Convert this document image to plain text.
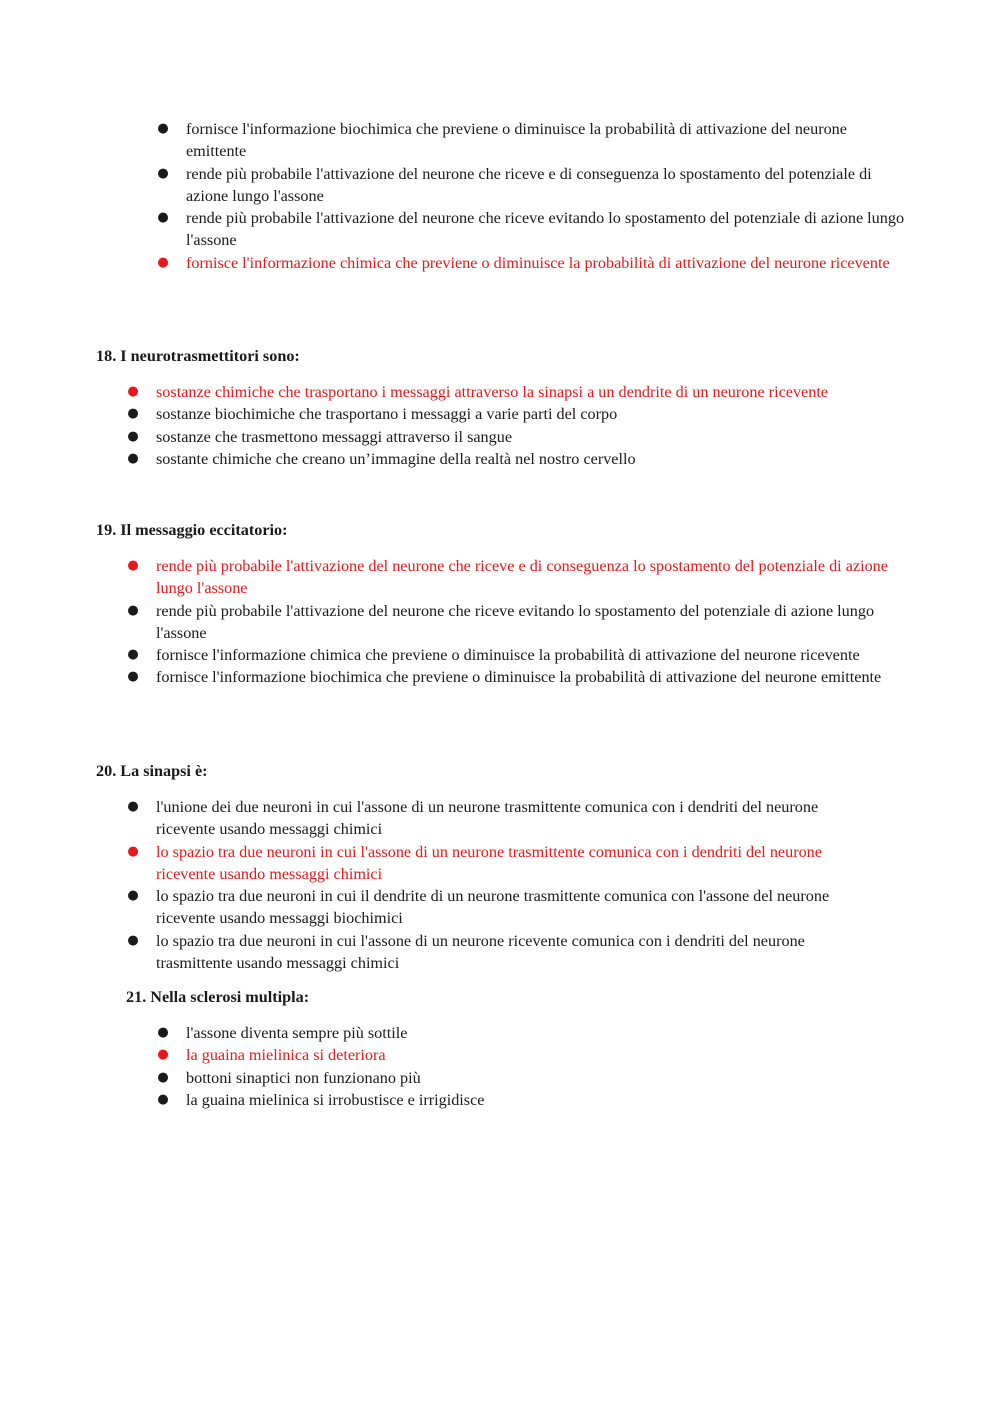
● fornisce l'informazione biochimica che previene o diminuisce la probabilità di attivazione del neurone emittente
● rende più probabile l'attivazione del neurone che riceve e di conseguenza lo spostamento del potenziale di azione lungo l'assone
● rende più probabile l'attivazione del neurone che riceve evitando lo spostamento del potenziale di azione lungo l'assone
● fornisce l'informazione chimica che previene o diminuisce la probabilità di attivazione del neurone ricevente

18. I neurotrasmettitori sono:

● sostanze chimiche che trasportano i messaggi attraverso la sinapsi a un dendrite di un neurone ricevente
● sostanze biochimiche che trasportano i messaggi a varie parti del corpo
● sostanze che trasmettono messaggi attraverso il sangue
● sostante chimiche che creano un’immagine della realtà nel nostro cervello

19. Il messaggio eccitatorio:

● rende più probabile l'attivazione del neurone che riceve e di conseguenza lo spostamento del potenziale di azione lungo l'assone
● rende più probabile l'attivazione del neurone che riceve evitando lo spostamento del potenziale di azione lungo l'assone
● fornisce l'informazione chimica che previene o diminuisce la probabilità di attivazione del neurone ricevente
● fornisce l'informazione biochimica che previene o diminuisce la probabilità di attivazione del neurone emittente

20. La sinapsi è:

● l'unione dei due neuroni in cui l'assone di un neurone trasmittente comunica con i dendriti del neurone ricevente usando messaggi chimici
● lo spazio tra due neuroni in cui l'assone di un neurone trasmittente comunica con i dendriti del neurone ricevente usando messaggi chimici
● lo spazio tra due neuroni in cui il dendrite di un neurone trasmittente comunica con l'assone del neurone ricevente usando messaggi biochimici
● lo spazio tra due neuroni in cui l'assone di un neurone ricevente comunica con i dendriti del neurone trasmittente usando messaggi chimici

21. Nella sclerosi multipla:

● l'assone diventa sempre più sottile
● la guaina mielinica si deteriora
● bottoni sinaptici non funzionano più
● la guaina mielinica si irrobustisce e irrigidisce
